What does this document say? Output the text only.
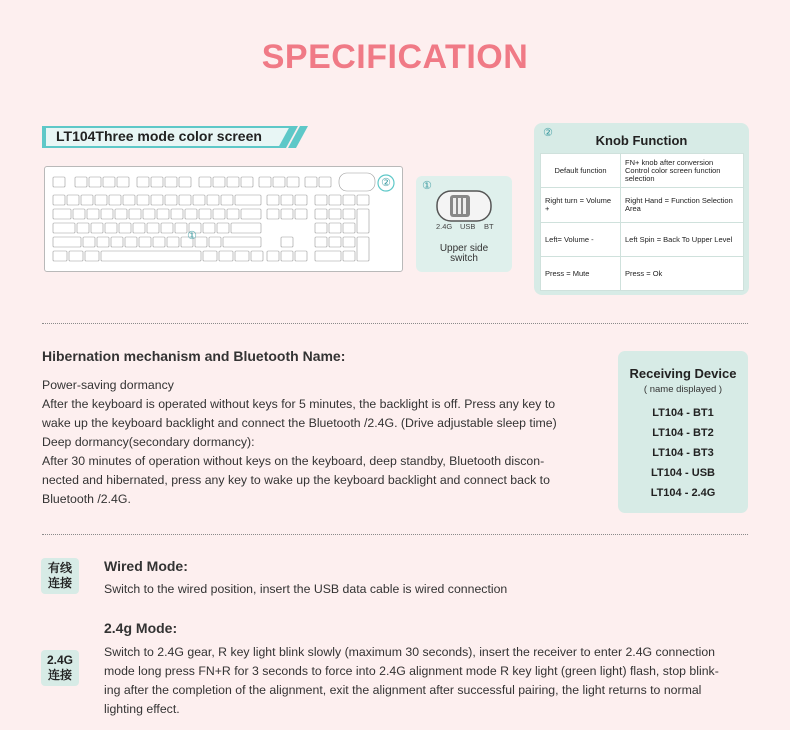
SPECIFICATION
LT104Three mode color screen
②
①
①
2.4G USB BT
Upper side
switch
②	Knob Function
Default function	FN+ knob after conversion Control color screen function selection
Right turn = Volume +	Right Hand = Function Selection Area
Left= Volume -	Left Spin = Back To Upper Level
Press = Mute	Press = Ok
Hibernation mechanism and Bluetooth Name:
Power-saving dormancy
After the keyboard is operated without keys for 5 minutes, the backlight is off. Press any key to
wake up the keyboard backlight and connect the Bluetooth /2.4G. (Drive adjustable sleep time)
Deep dormancy(secondary dormancy):
After 30 minutes of operation without keys on the keyboard, deep standby, Bluetooth discon-
nected and hibernated, press any key to wake up the keyboard backlight and connect back to
Bluetooth /2.4G.
Receiving Device
( name displayed )
LT104 - BT1
LT104 - BT2
LT104 - BT3
LT104 - USB
LT104 - 2.4G
有线
连接
Wired Mode:
Switch to the wired position, insert the USB data cable is wired connection
2.4g Mode:
2.4G
连接
Switch to 2.4G gear, R key light blink slowly (maximum 30 seconds), insert the receiver to enter 2.4G connection
mode long press FN+R for 3 seconds to force into 2.4G alignment mode R key light (green light) flash, stop blink-
ing after the completion of the alignment, exit the alignment after successful pairing, the light returns to normal
lighting effect.
